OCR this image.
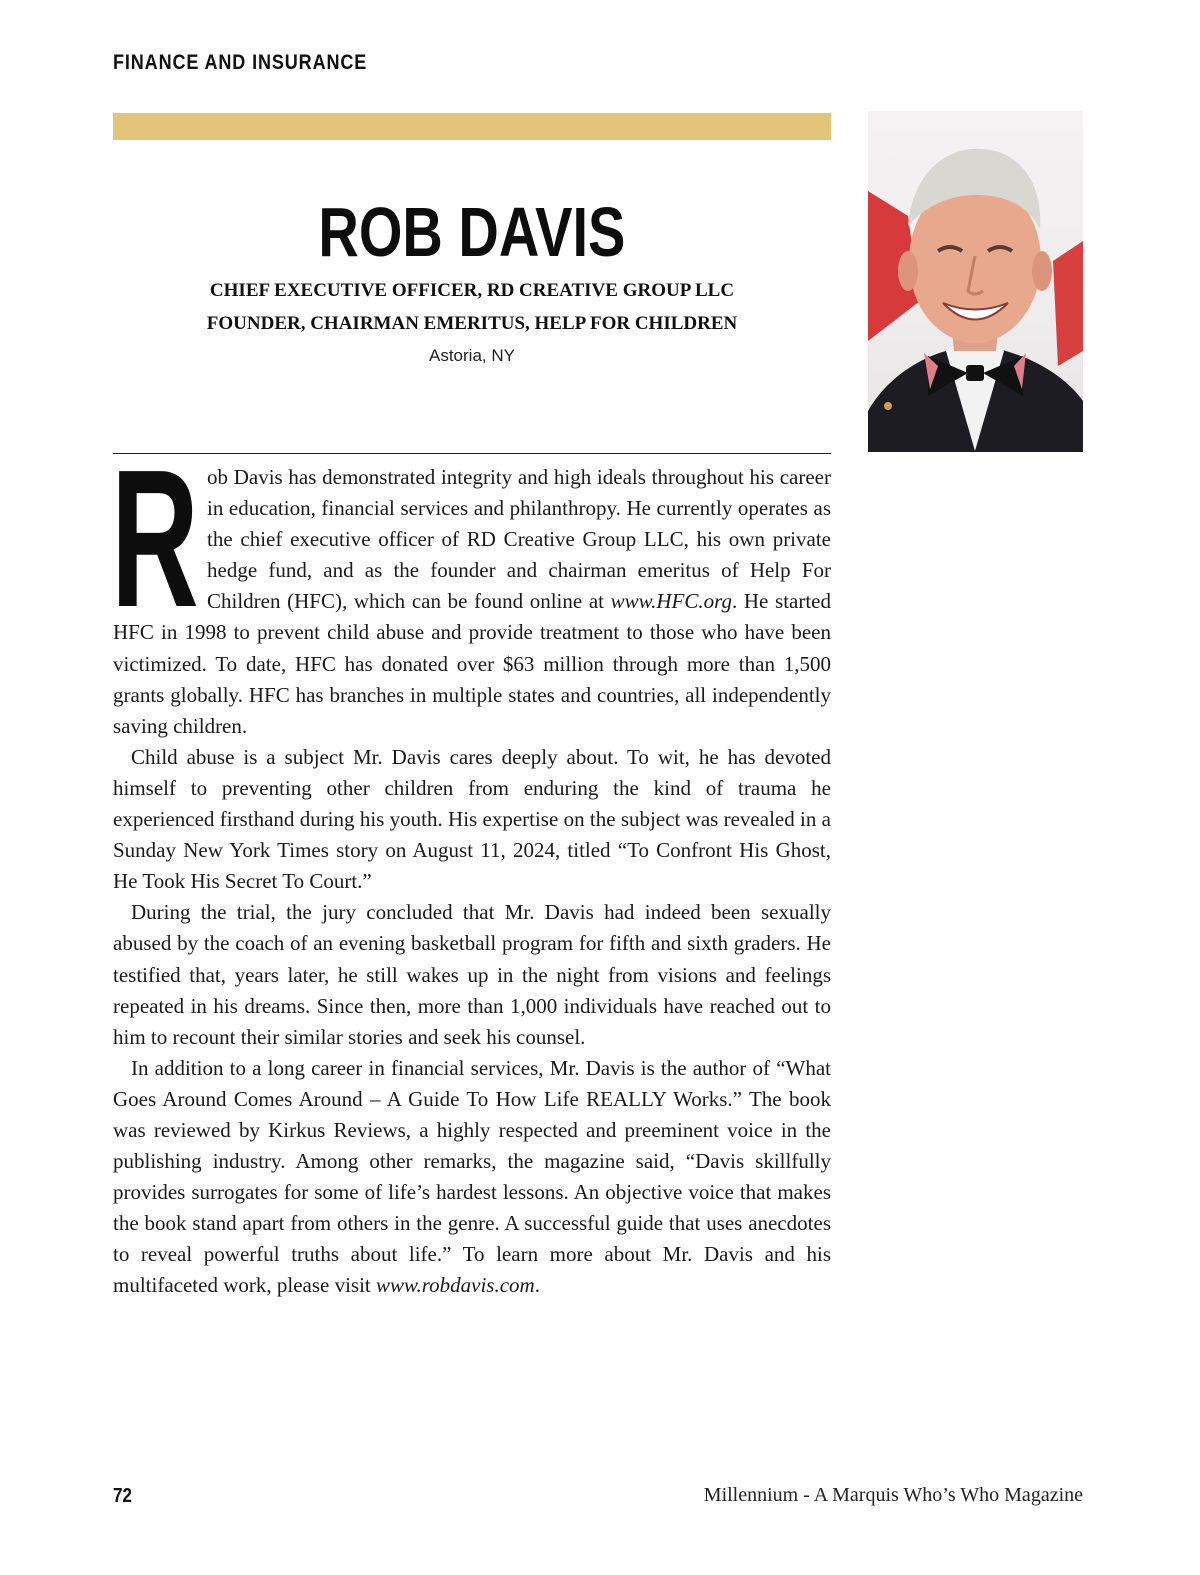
FINANCE AND INSURANCE
ROB DAVIS
CHIEF EXECUTIVE OFFICER, RD CREATIVE GROUP LLC
FOUNDER, CHAIRMAN EMERITUS, HELP FOR CHILDREN
Astoria, NY

R ob Davis has demonstrated integrity and high ideals throughout his career in education, financial services and philanthropy. He currently operates as the chief executive officer of RD Creative Group LLC, his own private hedge fund, and as the founder and chairman emeritus of Help For Children (HFC), which can be found online at www.HFC.org. He started HFC in 1998 to prevent child abuse and provide treatment to those who have been victimized. To date, HFC has donated over $63 million through more than 1,500 grants globally. HFC has branches in multiple states and countries, all independently saving children.

Child abuse is a subject Mr. Davis cares deeply about. To wit, he has devoted himself to preventing other children from enduring the kind of trauma he experienced firsthand during his youth. His expertise on the subject was revealed in a Sunday New York Times story on August 11, 2024, titled “To Confront His Ghost, He Took His Secret To Court.”

During the trial, the jury concluded that Mr. Davis had indeed been sexually abused by the coach of an evening basketball program for fifth and sixth graders. He testified that, years later, he still wakes up in the night from visions and feelings repeated in his dreams. Since then, more than 1,000 individuals have reached out to him to recount their similar stories and seek his counsel.

In addition to a long career in financial services, Mr. Davis is the author of “What Goes Around Comes Around – A Guide To How Life REALLY Works.” The book was reviewed by Kirkus Reviews, a highly respected and preeminent voice in the publishing industry. Among other remarks, the magazine said, “Davis skillfully provides surrogates for some of life’s hardest lessons. An objective voice that makes the book stand apart from others in the genre. A successful guide that uses anecdotes to reveal powerful truths about life.” To learn more about Mr. Davis and his multifaceted work, please visit www.robdavis.com.

72	Millennium - A Marquis Who’s Who Magazine
